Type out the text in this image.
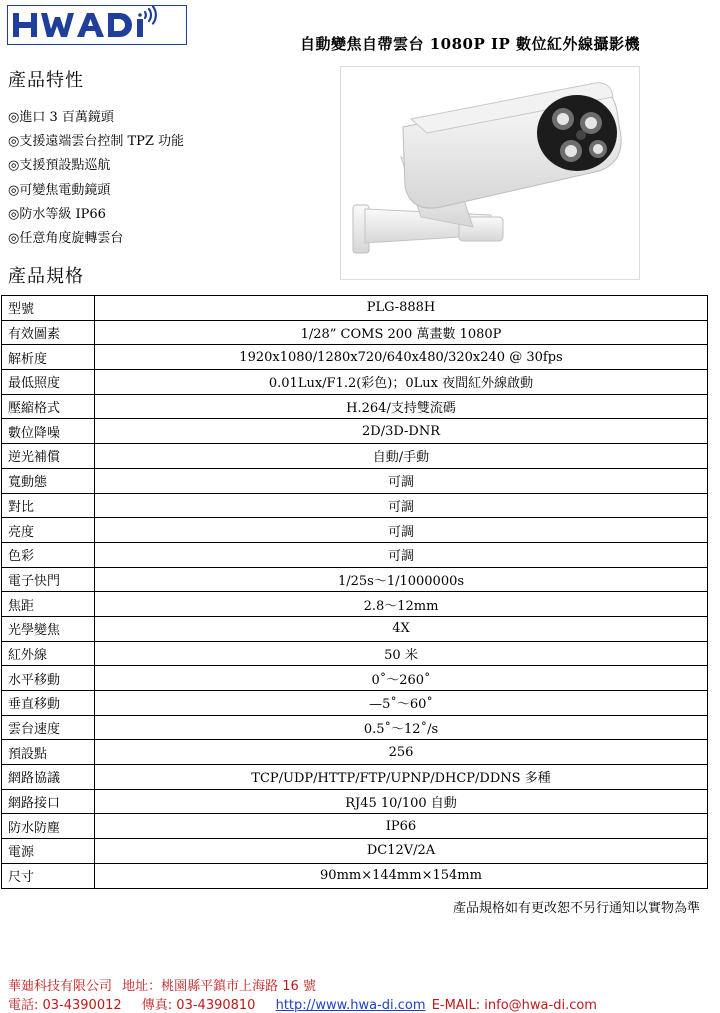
HWADI
自動變焦自帶雲台 1080P IP 數位紅外線攝影機
產品特性
◎進口 3 百萬鏡頭
◎支援遠端雲台控制 TPZ 功能
◎支援預設點巡航
◎可變焦電動鏡頭
◎防水等級 IP66
◎任意角度旋轉雲台
產品規格
型號	PLG-888H
有效圖素	1/28” COMS 200 萬畫數 1080P
解析度	1920x1080/1280x720/640x480/320x240 @ 30fps
最低照度	0.01Lux/F1.2(彩色)；0Lux 夜間紅外線啟動
壓縮格式	H.264/支持雙流碼
數位降噪	2D/3D-DNR
逆光補償	自動/手動
寬動態	可調
對比	可調
亮度	可調
色彩	可調
電子快門	1/25s～1/1000000s
焦距	2.8～12mm
光學變焦	4X
紅外線	50 米
水平移動	0˚～260˚
垂直移動	—5˚～60˚
雲台速度	0.5˚～12˚/s
預設點	256
網路協議	TCP/UDP/HTTP/FTP/UPNP/DHCP/DDNS 多種
網路接口	RJ45 10/100 自動
防水防塵	IP66
電源	DC12V/2A
尺寸	90mm×144mm×154mm
產品規格如有更改恕不另行通知以實物為準
華廸科技有限公司 地址：桃園縣平鎮市上海路 16 號
電話: 03-4390012 傳真: 03-4390810 http://www.hwa-di.com E-MAIL: info@hwa-di.com
